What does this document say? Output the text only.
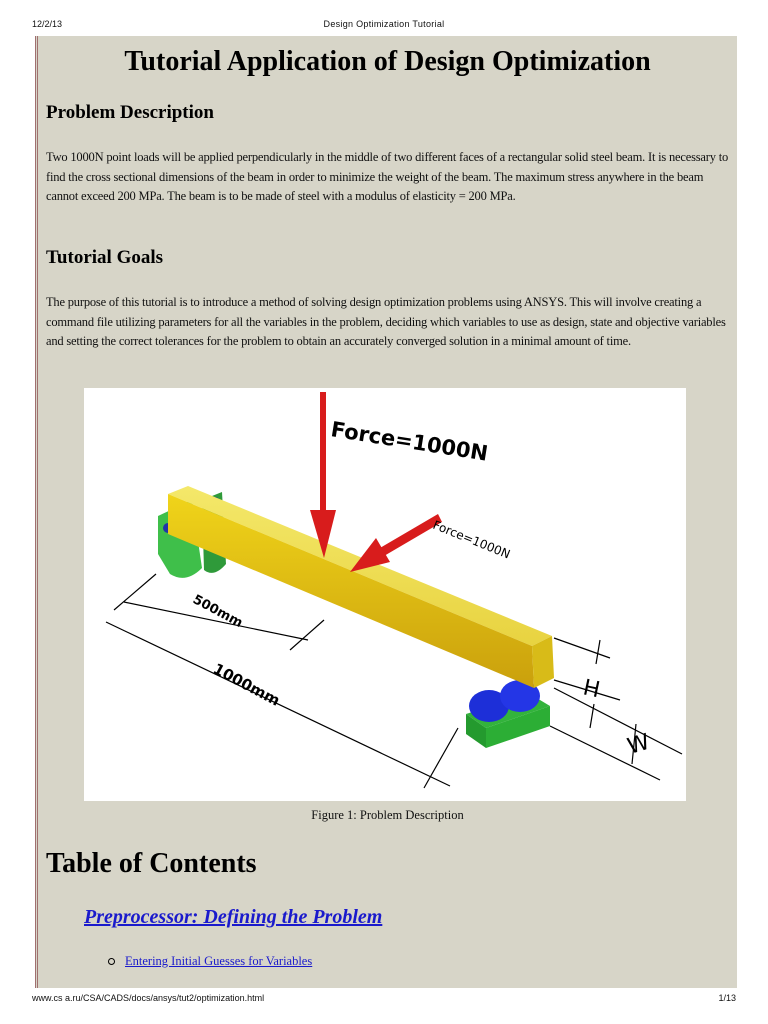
12/2/13	Design Optimization Tutorial
Tutorial Application of Design Optimization
Problem Description

Two 1000N point loads will be applied perpendicularly in the middle of two different faces of a rectangular solid steel beam. It is necessary to find the cross sectional dimensions of the beam in order to minimize the weight of the beam. The maximum stress anywhere in the beam cannot exceed 200 MPa. The beam is to be made of steel with a modulus of elasticity = 200 MPa.

Tutorial Goals

The purpose of this tutorial is to introduce a method of solving design optimization problems using ANSYS. This will involve creating a command file utilizing parameters for all the variables in the problem, deciding which variables to use as design, state and objective variables and setting the correct tolerances for the problem to obtain an accurately converged solution in a minimal amount of time.

Force=1000N
Force=1000N
500mm
1000mm	H
W
Figure 1: Problem Description
Table of Contents
Preprocessor: Defining the Problem
Entering Initial Guesses for Variables
www.cs a.ru/CSA/CADS/docs/ansys/tut2/optimization.html	1/13
